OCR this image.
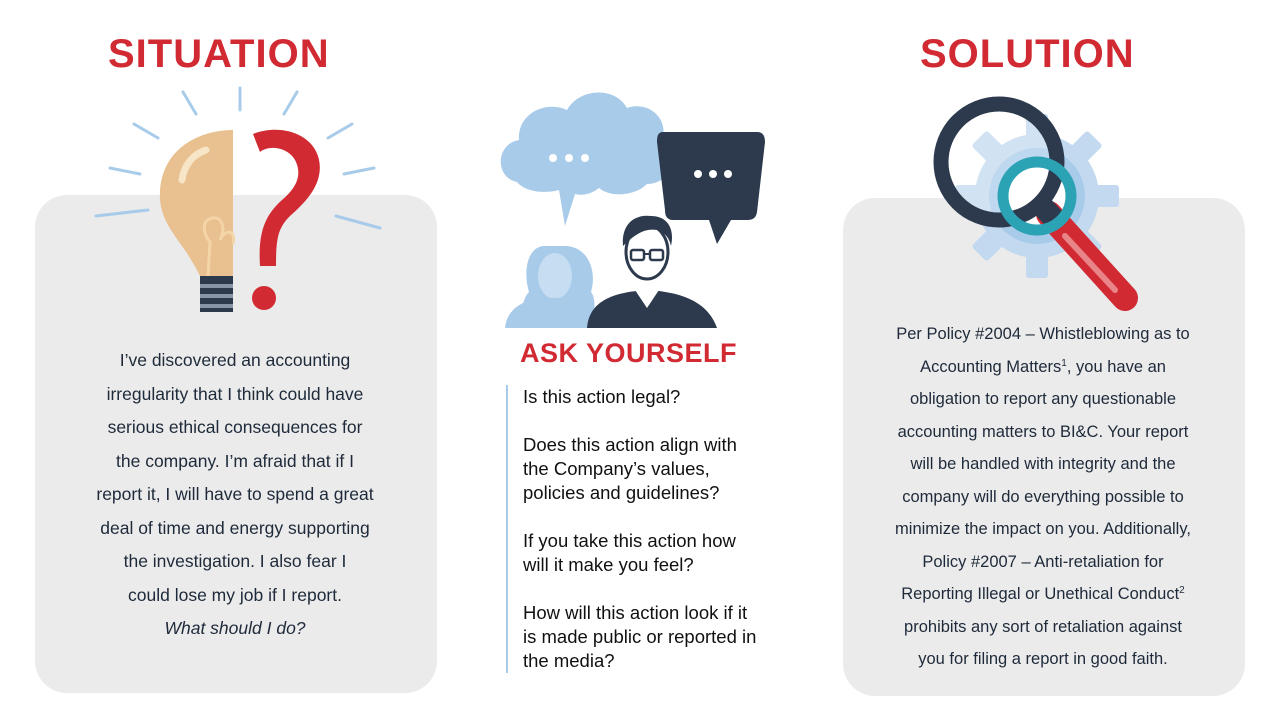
SITUATION	SOLUTION
I’ve discovered an accounting
irregularity that I think could have
serious ethical consequences for
the company. I’m afraid that if I
report it, I will have to spend a great
deal of time and energy supporting
the investigation. I also fear I
could lose my job if I report.
What should I do?
ASK YOURSELF
Is this action legal?
Does this action align with
the Company’s values,
policies and guidelines?
If you take this action how
will it make you feel?
How will this action look if it
is made public or reported in
the media?
Per Policy #2004 – Whistleblowing as to
Accounting Matters$^1$, you have an
obligation to report any questionable
accounting matters to BI&C. Your report
will be handled with integrity and the
company will do everything possible to
minimize the impact on you. Additionally,
Policy #2007 – Anti-retaliation for
Reporting Illegal or Unethical Conduct$^2$
prohibits any sort of retaliation against
you for filing a report in good faith.
